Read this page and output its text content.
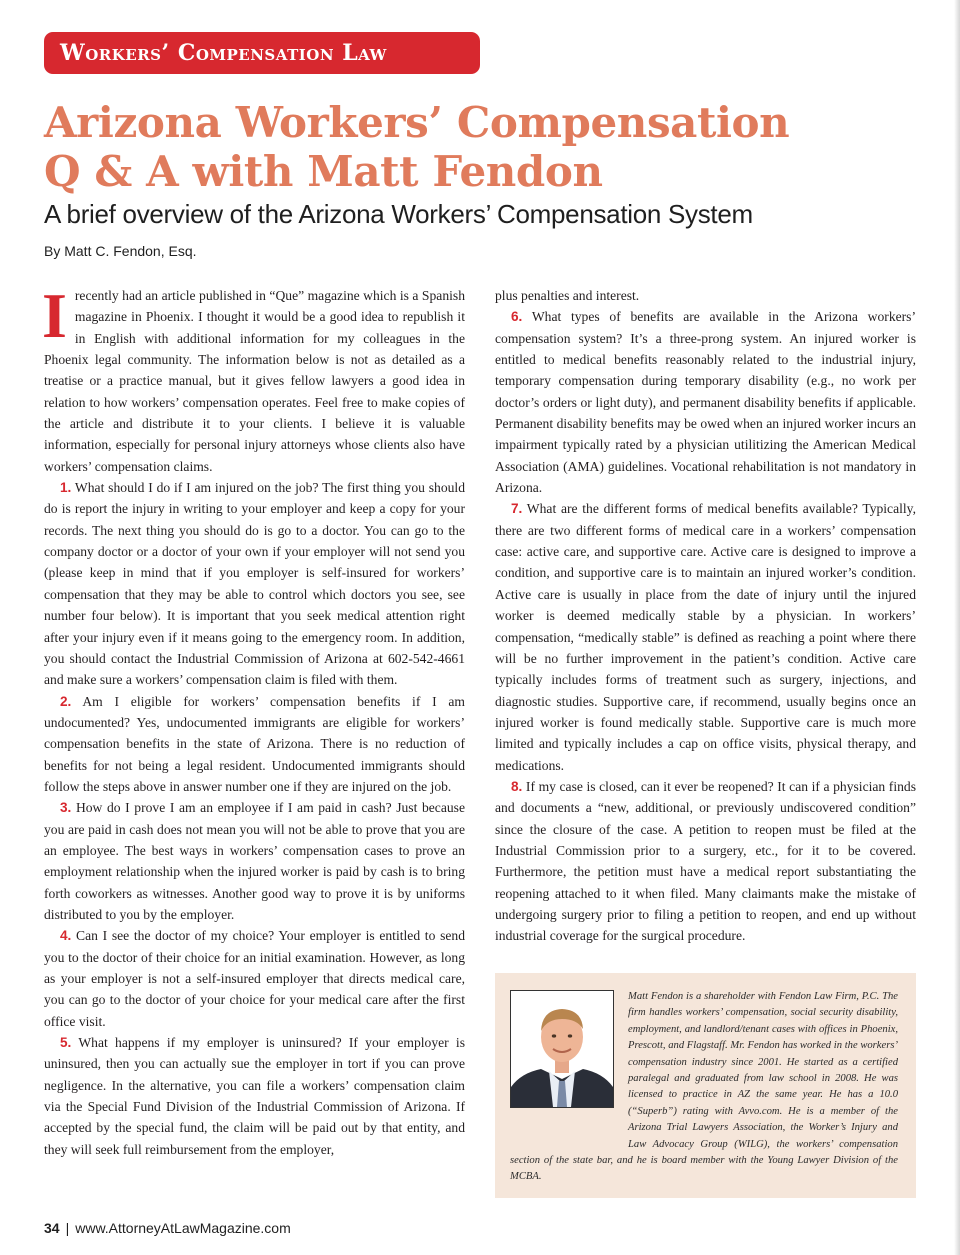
Workers’ Compensation Law
Arizona Workers’ Compensation
Q & A with Matt Fendon
A brief overview of the Arizona Workers’ Compensation System
By Matt C. Fendon, Esq.

I recently had an article published in “Que” magazine which is a Spanish magazine in Phoenix. I thought it would be a good idea to republish it in English with additional information for my colleagues in the Phoenix legal community. The information below is not as detailed as a treatise or a practice manual, but it gives fellow lawyers a good idea in relation to how workers’ compensation operates. Feel free to make copies of the article and distribute it to your clients. I believe it is valuable information, especially for personal injury attorneys whose clients also have workers’ compensation claims.

1. What should I do if I am injured on the job? The first thing you should do is report the injury in writing to your employer and keep a copy for your records. The next thing you should do is go to a doctor. You can go to the company doctor or a doctor of your own if your employer will not send you (please keep in mind that if you employer is self-insured for workers’ compensation that they may be able to control which doctors you see, see number four below). It is important that you seek medical attention right after your injury even if it means going to the emergency room. In addition, you should contact the Industrial Commission of Arizona at 602-542-4661 and make sure a workers’ compensation claim is filed with them.

2. Am I eligible for workers’ compensation benefits if I am undocumented? Yes, undocumented immigrants are eligible for workers’ compensation benefits in the state of Arizona. There is no reduction of benefits for not being a legal resident. Undocumented immigrants should follow the steps above in answer number one if they are injured on the job.

3. How do I prove I am an employee if I am paid in cash? Just because you are paid in cash does not mean you will not be able to prove that you are an employee. The best ways in workers’ compensation cases to prove an employment relationship when the injured worker is paid by cash is to bring forth coworkers as witnesses. Another good way to prove it is by uniforms distributed to you by the employer.

4. Can I see the doctor of my choice? Your employer is entitled to send you to the doctor of their choice for an initial examination. However, as long as your employer is not a self-insured employer that directs medical care, you can go to the doctor of your choice for your medical care after the first office visit.

5. What happens if my employer is uninsured? If your employer is uninsured, then you can actually sue the employer in tort if you can prove negligence. In the alternative, you can file a workers’ compensation claim via the Special Fund Division of the Industrial Commission of Arizona. If accepted by the special fund, the claim will be paid out by that entity, and they will seek full reimbursement from the employer,

plus penalties and interest.

6. What types of benefits are available in the Arizona workers’ compensation system? It’s a three-prong system. An injured worker is entitled to medical benefits reasonably related to the industrial injury, temporary compensation during temporary disability (e.g., no work per doctor’s orders or light duty), and permanent disability benefits if applicable. Permanent disability benefits may be owed when an injured worker incurs an impairment typically rated by a physician utilitizing the American Medical Association (AMA) guidelines. Vocational rehabilitation is not mandatory in Arizona.

7. What are the different forms of medical benefits available? Typically, there are two different forms of medical care in a workers’ compensation case: active care, and supportive care. Active care is designed to improve a condition, and supportive care is to maintain an injured worker’s condition. Active care is usually in place from the date of injury until the injured worker is deemed medically stable by a physician. In workers’ compensation, “medically stable” is defined as reaching a point where there will be no further improvement in the patient’s condition. Active care typically includes forms of treatment such as surgery, injections, and diagnostic studies. Supportive care, if recommend, usually begins once an injured worker is found medically stable. Supportive care is much more limited and typically includes a cap on office visits, physical therapy, and medications.

8. If my case is closed, can it ever be reopened? It can if a physician finds and documents a “new, additional, or previously undiscovered condition” since the closure of the case. A petition to reopen must be filed at the Industrial Commission prior to a surgery, etc., for it to be covered. Furthermore, the petition must have a medical report substantiating the reopening attached to it when filed. Many claimants make the mistake of undergoing surgery prior to filing a petition to reopen, and end up without industrial coverage for the surgical procedure.

Matt Fendon is a shareholder with Fendon Law Firm, P.C. The firm handles workers’ compensation, social security disability, employment, and landlord/tenant cases with offices in Phoenix, Prescott, and Flagstaff. Mr. Fendon has worked in the workers’ compensation industry since 2001. He started as a certified paralegal and graduated from law school in 2008. He was licensed to practice in AZ the same year. He has a 10.0 (“Superb”) rating with Avvo.com. He is a member of the Arizona Trial Lawyers Association, the Worker’s Injury and Law Advocacy Group (WILG), the workers’ compensation section of the state bar, and he is board member with the Young Lawyer Division of the MCBA.

34 | www.AttorneyAtLawMagazine.com
